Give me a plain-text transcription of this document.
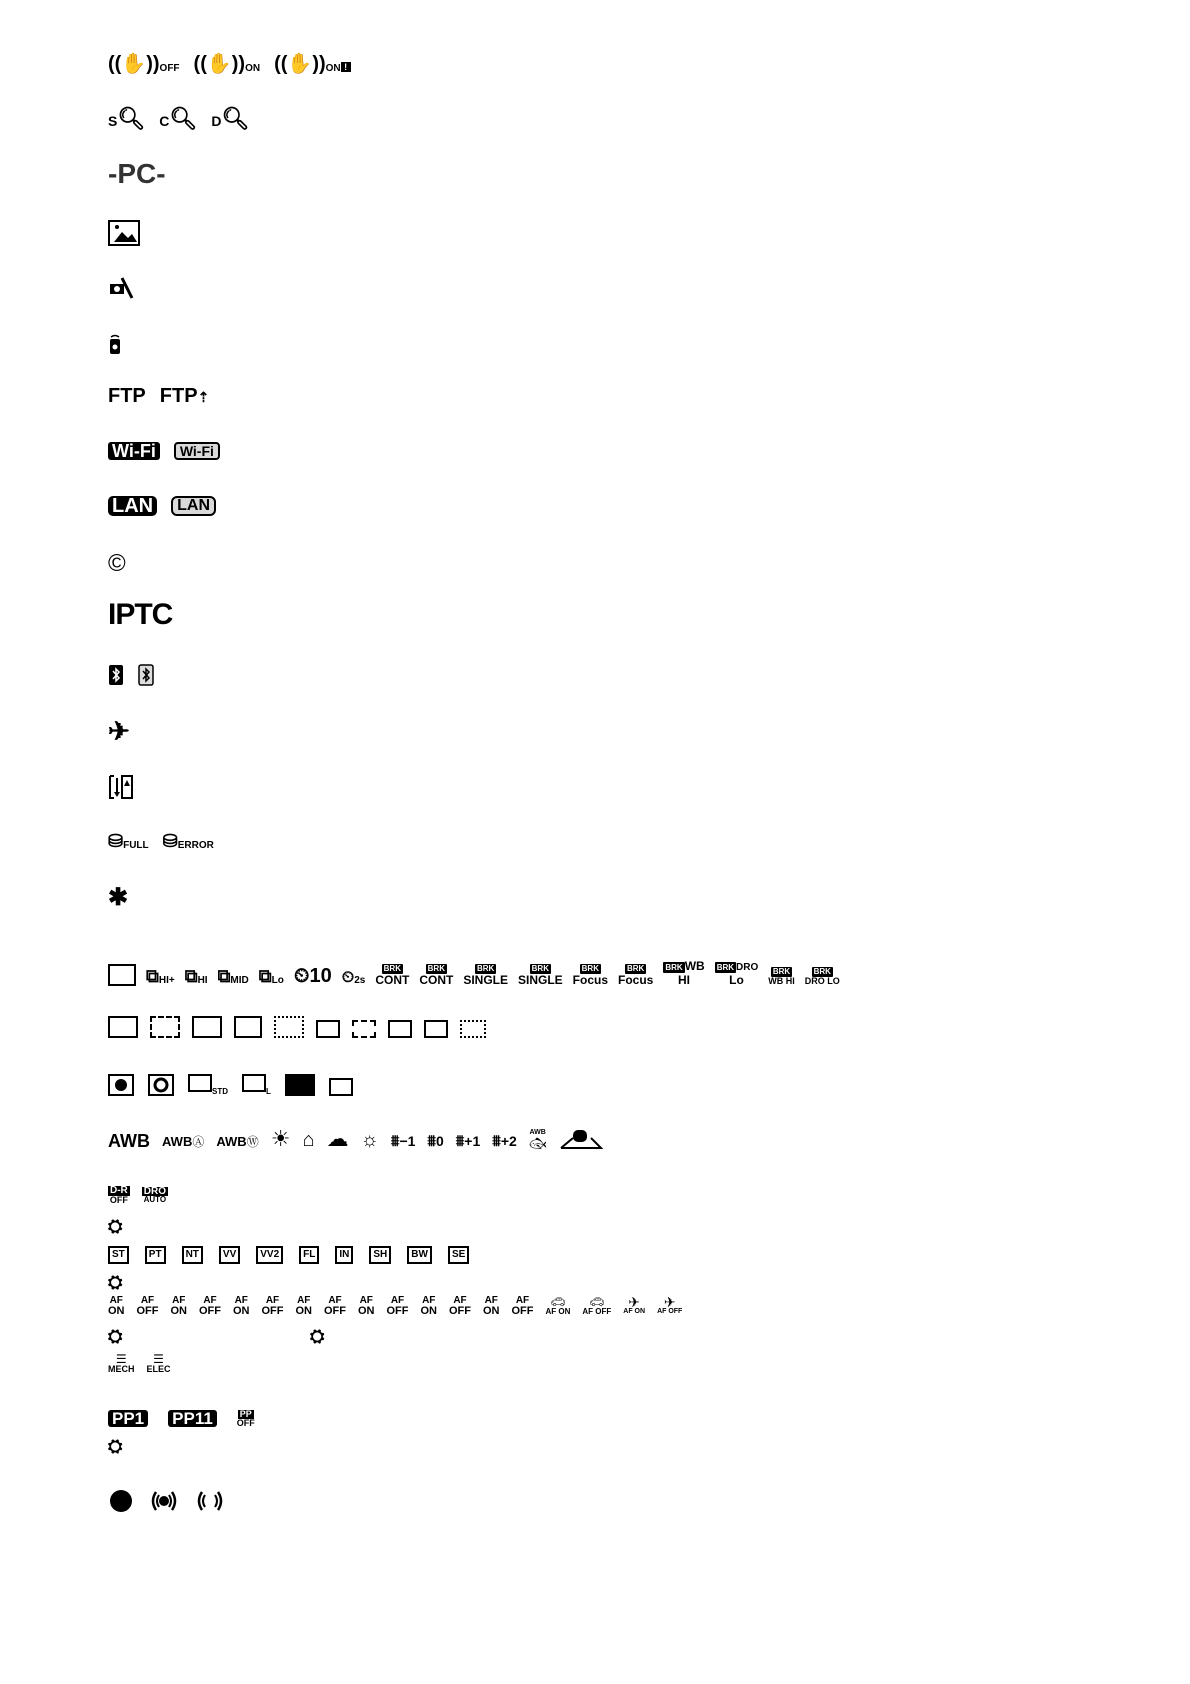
((✋))OFF ((✋))ON ((✋))ON !
S🔍︎ C🔍︎ D🔍︎
-PC-
FTP FTP⇡
Wi-Fi	Wi-Fi
LAN	LAN
©
IPTC
✈
⛁FULL ⛁ERROR
✱
⧉HI+ ⧉HI ⧉MID ⧉Lo ⏲10 ⏲2s
BRK
CONT
BRK
CONT
BRK
SINGLE
BRK
SINGLE
BRK
Focus
BRK
Focus
BRK WB
HI
BRK DRO
Lo
BRK
WB HI
BRK
DRO LO
STD	L
AWB AWBⒶ AWBⓌ ☀ ⌂ ☁ ☼ ⩩−1 ⩩0 ⩩+1 ⩩+2
AWB
🐟︎
D-R
OFF
DRO
AUTO
⛭
ST	PT	NT	VV	VV2	FL	IN	SH	BW	SE
⛭
AF
ON
AF
OFF
AF
ON
AF
OFF
AF
ON
AF
OFF
AF
ON
AF
OFF
AF
ON
AF
OFF
AF
ON
AF
OFF
AF
ON
AF
OFF
🚗︎
AF ON
🚗︎
AF OFF
✈
AF ON
✈
AF OFF
⛭	⛭
☰
MECH
☰
ELEC
PP1 PP11	PP
OFF
⛭
